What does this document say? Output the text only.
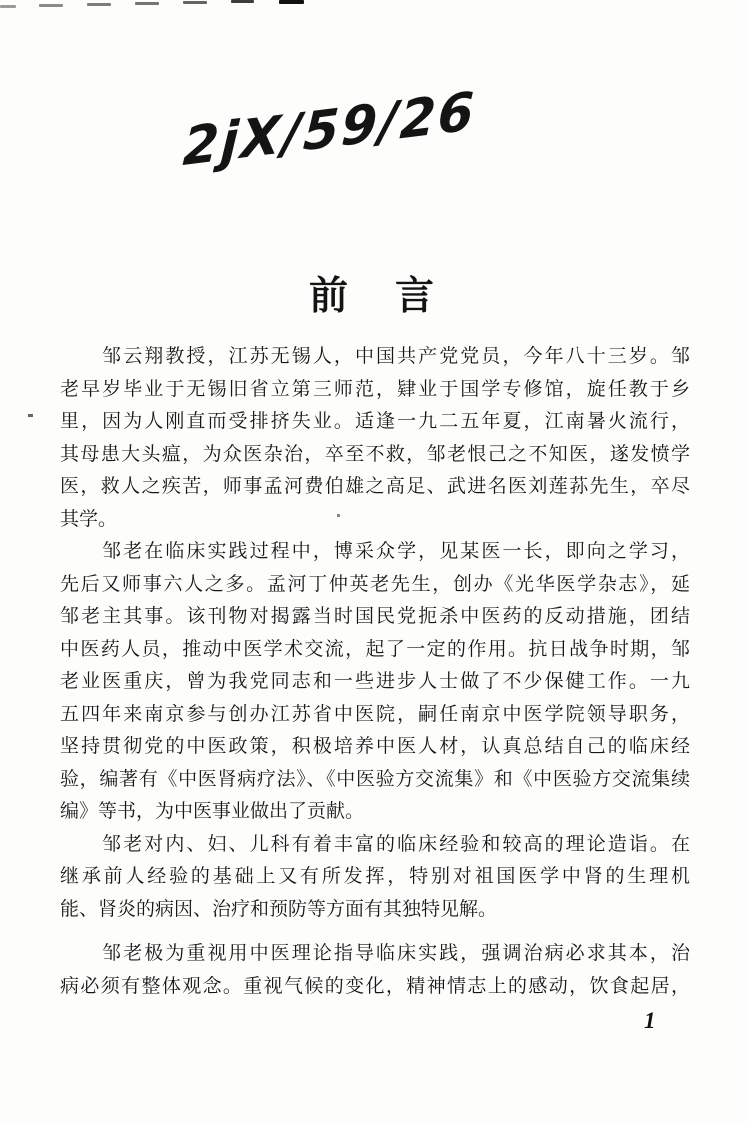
2jX/59/26
前　言
　　邹云翔教授，江苏无锡人，中国共产党党员，今年八十三岁。邹
老早岁毕业于无锡旧省立第三师范，肄业于国学专修馆，旋任教于乡
里，因为人刚直而受排挤失业。适逢一九二五年夏，江南暑火流行，
其母患大头瘟，为众医杂治，卒至不救，邹老恨己之不知医，遂发愤学
医，救人之疾苦，师事孟河费伯雄之高足、武进名医刘莲荪先生，卒尽
其学。
　　邹老在临床实践过程中，博采众学，见某医一长，即向之学习，
先后又师事六人之多。孟河丁仲英老先生，创办《光华医学杂志》，延
邹老主其事。该刊物对揭露当时国民党扼杀中医药的反动措施，团结
中医药人员，推动中医学术交流，起了一定的作用。抗日战争时期，邹
老业医重庆，曾为我党同志和一些进步人士做了不少保健工作。一九
五四年来南京参与创办江苏省中医院，嗣任南京中医学院领导职务，
坚持贯彻党的中医政策，积极培养中医人材，认真总结自己的临床经
验，编著有《中医肾病疗法》、《中医验方交流集》和《中医验方交流集续
编》等书，为中医事业做出了贡献。
　　邹老对内、妇、儿科有着丰富的临床经验和较高的理论造诣。在
继承前人经验的基础上又有所发挥，特别对祖国医学中肾的生理机
能、肾炎的病因、治疗和预防等方面有其独特见解。
　　邹老极为重视用中医理论指导临床实践，强调治病必求其本，治
病必须有整体观念。重视气候的变化，精神情志上的感动，饮食起居，
1
